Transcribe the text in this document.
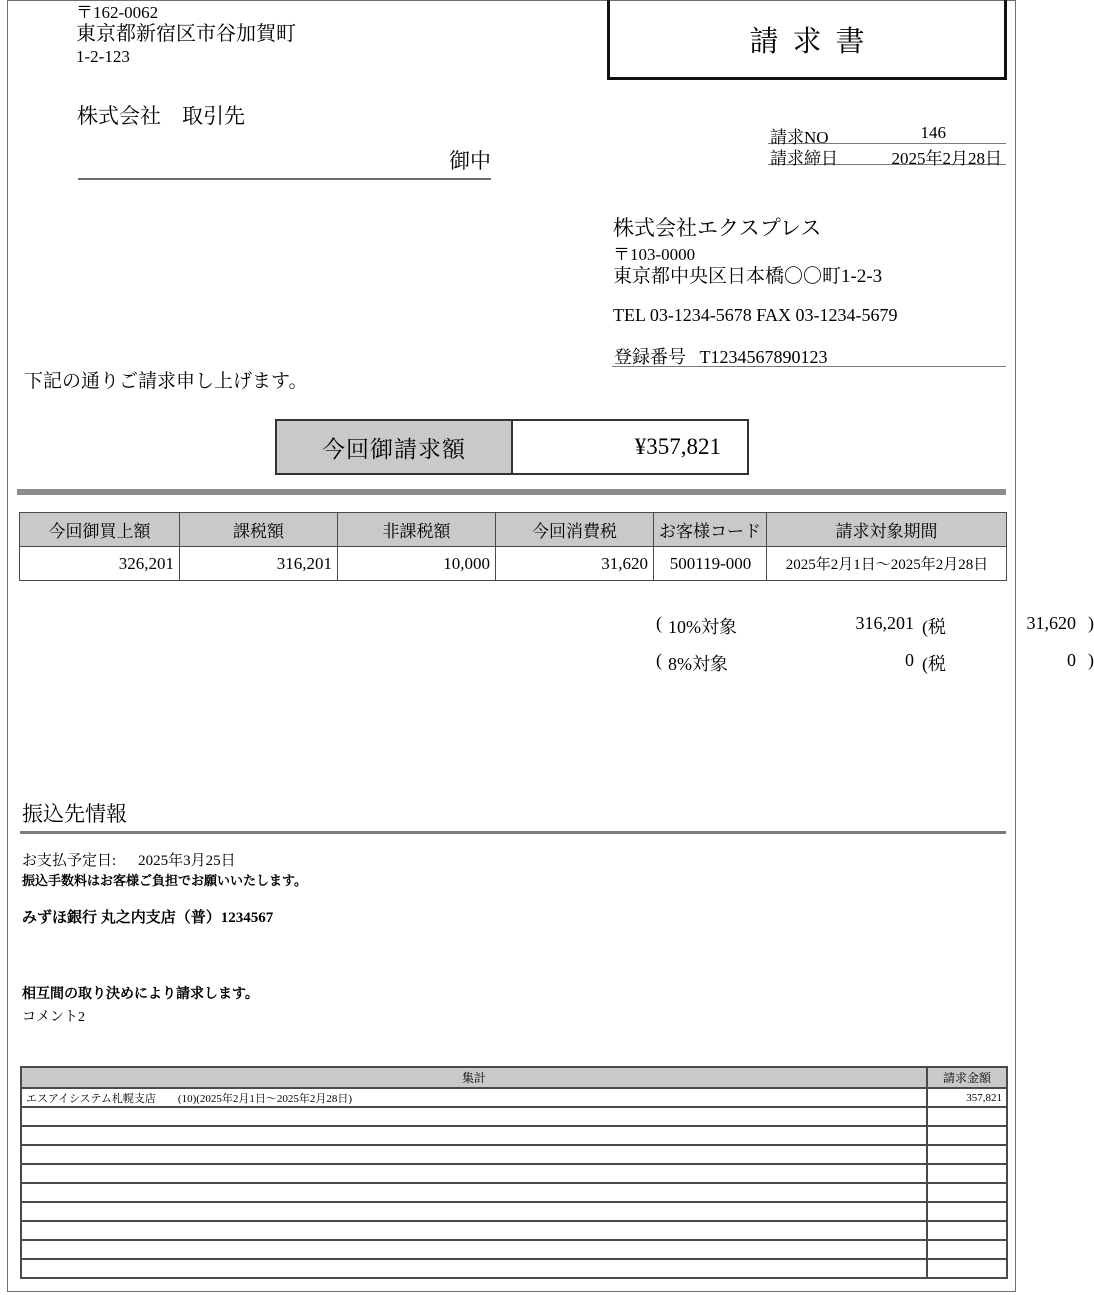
〒162-0062
東京都新宿区市谷加賀町
1-2-123
株式会社　取引先
御中
請求書
請求NO	146
請求締日	2025年2月28日
株式会社エクスプレス
〒103-0000
東京都中央区日本橋〇〇町1-2-3
TEL 03-1234-5678 FAX 03-1234-5679
登録番号 T1234567890123
下記の通りご請求申し上げます。
今回御請求額	¥357,821
今回御買上額	課税額	非課税額	今回消費税	お客様コード	請求対象期間
326,201	316,201	10,000	31,620	500119-000	2025年2月1日〜2025年2月28日
( 10%対象	316,201 (税	31,620 )
( 8%対象	0 (税	0 )
振込先情報
お支払予定日: 2025年3月25日
振込手数料はお客様ご負担でお願いいたします。
みずほ銀行 丸之内支店（普）1234567
相互間の取り決めにより請求します。
コメント2
集計	請求金額
エスアイシステム札幌支店　　(10)(2025年2月1日〜2025年2月28日)	357,821
